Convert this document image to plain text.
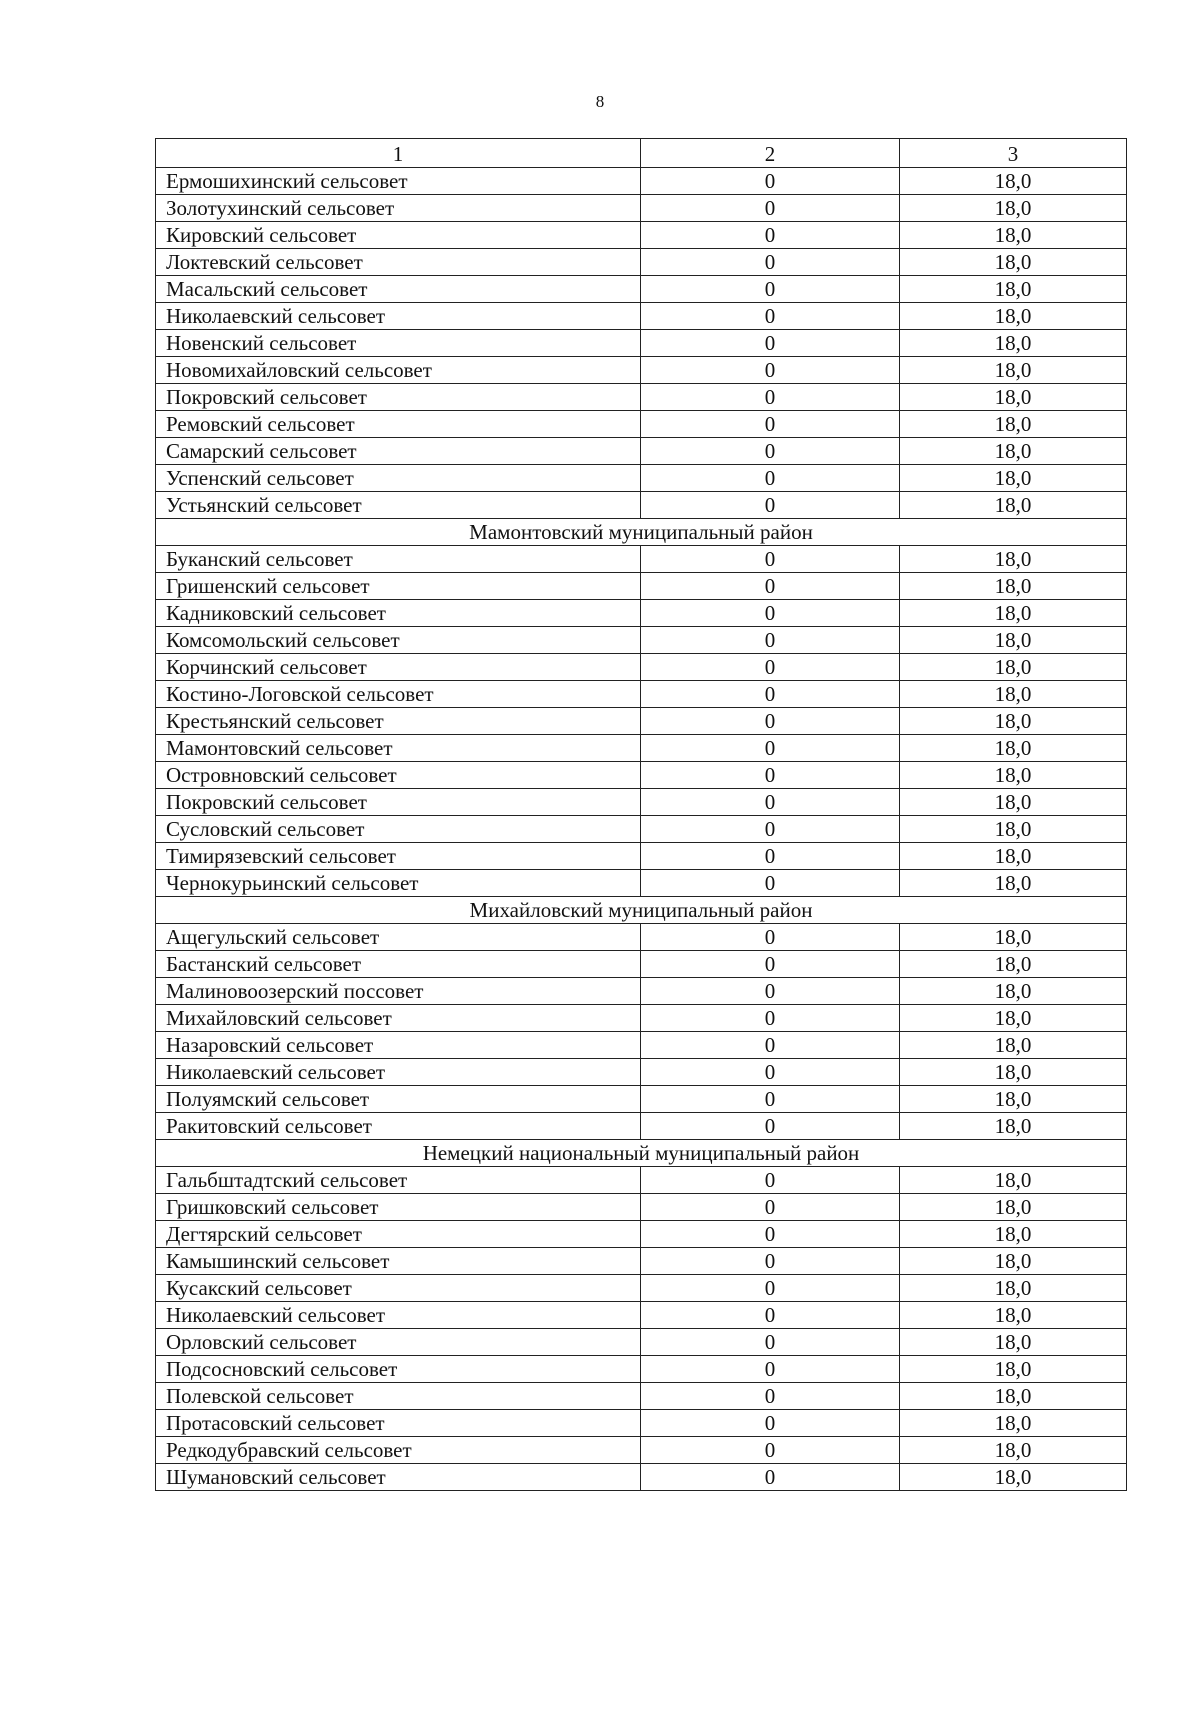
8
1	2	3
Ермошихинский сельсовет	0	18,0
Золотухинский сельсовет	0	18,0
Кировский сельсовет	0	18,0
Локтевский сельсовет	0	18,0
Масальский сельсовет	0	18,0
Николаевский сельсовет	0	18,0
Новенский сельсовет	0	18,0
Новомихайловский сельсовет	0	18,0
Покровский сельсовет	0	18,0
Ремовский сельсовет	0	18,0
Самарский сельсовет	0	18,0
Успенский сельсовет	0	18,0
Устьянский сельсовет	0	18,0
Мамонтовский муниципальный район		
Буканский сельсовет	0	18,0
Гришенский сельсовет	0	18,0
Кадниковский сельсовет	0	18,0
Комсомольский сельсовет	0	18,0
Корчинский сельсовет	0	18,0
Костино-Логовской сельсовет	0	18,0
Крестьянский сельсовет	0	18,0
Мамонтовский сельсовет	0	18,0
Островновский сельсовет	0	18,0
Покровский сельсовет	0	18,0
Сусловский сельсовет	0	18,0
Тимирязевский сельсовет	0	18,0
Чернокурьинский сельсовет	0	18,0
Михайловский муниципальный район		
Ащегульский сельсовет	0	18,0
Бастанский сельсовет	0	18,0
Малиновоозерский поссовет	0	18,0
Михайловский сельсовет	0	18,0
Назаровский сельсовет	0	18,0
Николаевский сельсовет	0	18,0
Полуямский сельсовет	0	18,0
Ракитовский сельсовет	0	18,0
Немецкий национальный муниципальный район		
Гальбштадтский сельсовет	0	18,0
Гришковский сельсовет	0	18,0
Дегтярский сельсовет	0	18,0
Камышинский сельсовет	0	18,0
Кусакский сельсовет	0	18,0
Николаевский сельсовет	0	18,0
Орловский сельсовет	0	18,0
Подсосновский сельсовет	0	18,0
Полевской сельсовет	0	18,0
Протасовский сельсовет	0	18,0
Редкодубравский сельсовет	0	18,0
Шумановский сельсовет	0	18,0
